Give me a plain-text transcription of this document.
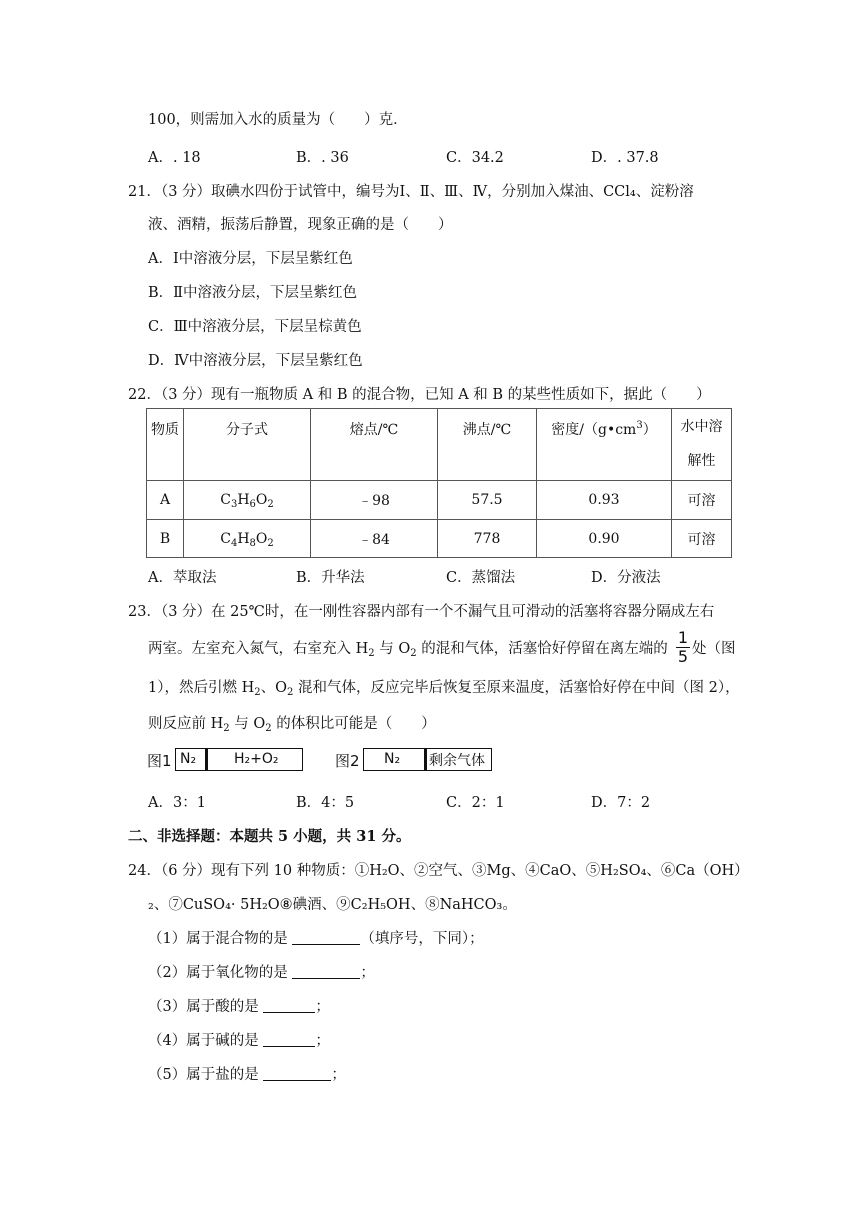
100，则需加入水的质量为（　　）克．
A．. 18	B．. 36	C．34.2	D．. 37.8
21．（3 分）取碘水四份于试管中，编号为Ⅰ、Ⅱ、Ⅲ、Ⅳ，分别加入煤油、CCl₄、淀粉溶
液、酒精，振荡后静置，现象正确的是（　　）
A．Ⅰ中溶液分层，下层呈紫红色
B．Ⅱ中溶液分层，下层呈紫红色
C．Ⅲ中溶液分层，下层呈棕黄色
D．Ⅳ中溶液分层，下层呈紫红色
22．（3 分）现有一瓶物质 A 和 B 的混合物，已知 A 和 B 的某些性质如下，据此（　　）
物质	分子式	熔点/℃	沸点/℃	密度$/(g•cm^3)$	水中溶
解性

A	$C_3H_6O_2$	﹣98	57.5	0.93	可溶
B	$C_4H_8O_2$	﹣84	778	0.90	可溶
A．萃取法	B．升华法	C．蒸馏法	D．分液法
23．（3 分）在 25℃时，在一刚性容器内部有一个不漏气且可滑动的活塞将容器分隔成左右
两室。左室充入氮气，右室充入 $H_2$ 与 $O_2$ 的混和气体，活塞恰好停留在离左端的
1
5 处（图
1），然后引燃 $H_2$、$O_2$ 混和气体，反应完毕后恢复至原来温度，活塞恰好停在中间（图 2），
则反应前 $H_2$ 与 $O_2$ 的体积比可能是（　　）
图1 N₂	H₂+O₂	图2 N₂ 剩余气体
A．3：1	B．4：5	C．2：1	D．7：2
二、非选择题：本题共 5 小题，共 31 分。
24．（6 分）现有下列 10 种物质：①H₂O、②空气、③Mg、④CaO、⑤H₂SO₄、⑥Ca（OH）
₂、⑦CuSO₄· 5H₂O⑧碘酒、⑨C₂H₅OH、⑧NaHCO₃。
（1）属于混合物的是	（填序号，下同）；
（2）属于氧化物的是	；
（3）属于酸的是	；
（4）属于碱的是	；
（5）属于盐的是	；
